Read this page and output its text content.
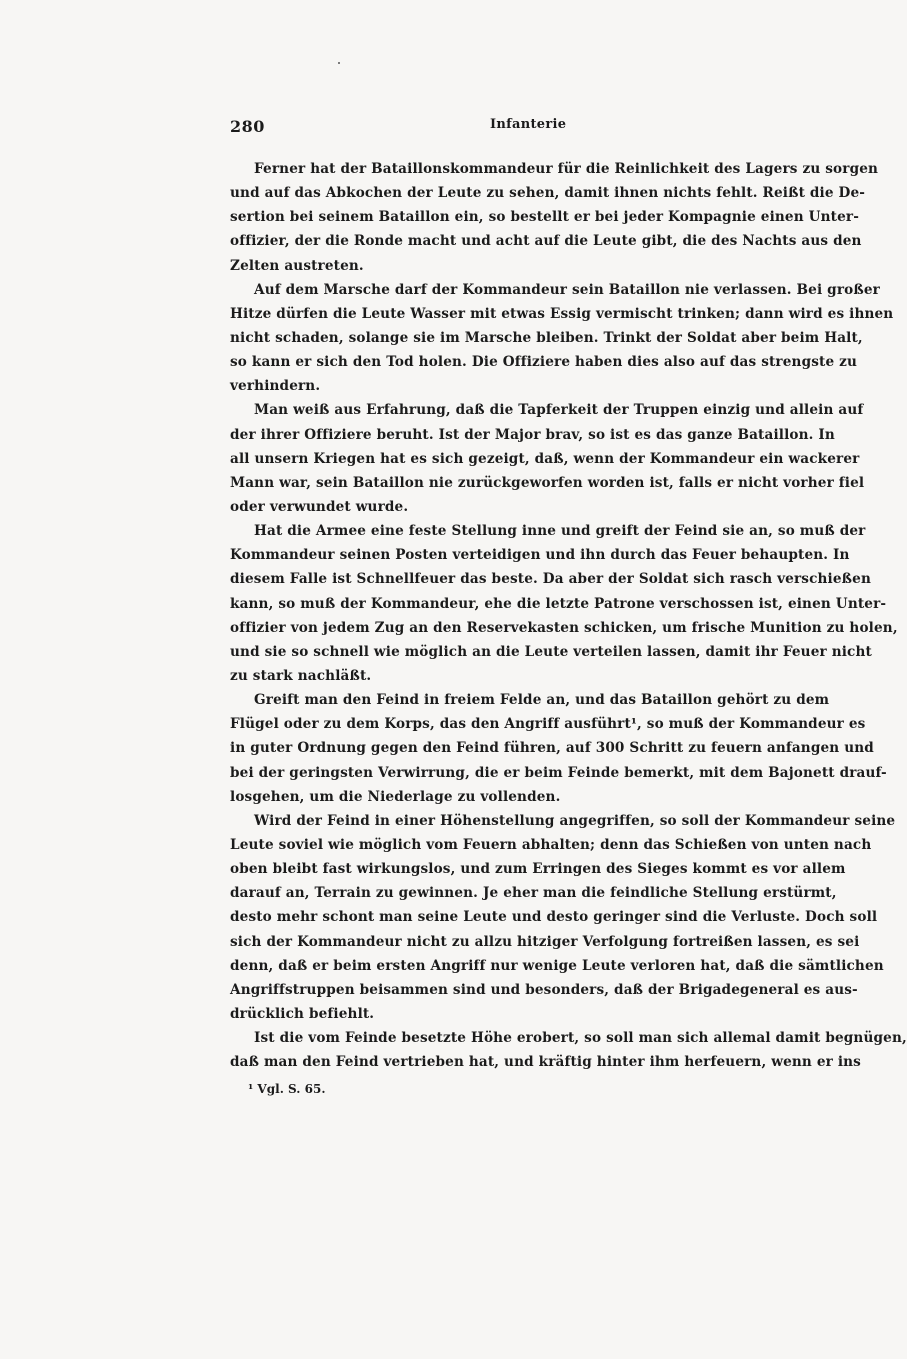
280	Infanterie
Ferner hat der Bataillonskommandeur für die Reinlichkeit des Lagers zu sorgen
und auf das Abkochen der Leute zu sehen, damit ihnen nichts fehlt. Reißt die De-
sertion bei seinem Bataillon ein, so bestellt er bei jeder Kompagnie einen Unter-
offizier, der die Ronde macht und acht auf die Leute gibt, die des Nachts aus den
Zelten austreten.
Auf dem Marsche darf der Kommandeur sein Bataillon nie verlassen. Bei großer
Hitze dürfen die Leute Wasser mit etwas Essig vermischt trinken; dann wird es ihnen
nicht schaden, solange sie im Marsche bleiben. Trinkt der Soldat aber beim Halt,
so kann er sich den Tod holen. Die Offiziere haben dies also auf das strengste zu
verhindern.
Man weiß aus Erfahrung, daß die Tapferkeit der Truppen einzig und allein auf
der ihrer Offiziere beruht. Ist der Major brav, so ist es das ganze Bataillon. In
all unsern Kriegen hat es sich gezeigt, daß, wenn der Kommandeur ein wackerer
Mann war, sein Bataillon nie zurückgeworfen worden ist, falls er nicht vorher fiel
oder verwundet wurde.
Hat die Armee eine feste Stellung inne und greift der Feind sie an, so muß der
Kommandeur seinen Posten verteidigen und ihn durch das Feuer behaupten. In
diesem Falle ist Schnellfeuer das beste. Da aber der Soldat sich rasch verschießen
kann, so muß der Kommandeur, ehe die letzte Patrone verschossen ist, einen Unter-
offizier von jedem Zug an den Reservekasten schicken, um frische Munition zu holen,
und sie so schnell wie möglich an die Leute verteilen lassen, damit ihr Feuer nicht
zu stark nachläßt.
Greift man den Feind in freiem Felde an, und das Bataillon gehört zu dem
Flügel oder zu dem Korps, das den Angriff ausführt¹, so muß der Kommandeur es
in guter Ordnung gegen den Feind führen, auf 300 Schritt zu feuern anfangen und
bei der geringsten Verwirrung, die er beim Feinde bemerkt, mit dem Bajonett drauf-
losgehen, um die Niederlage zu vollenden.
Wird der Feind in einer Höhenstellung angegriffen, so soll der Kommandeur seine
Leute soviel wie möglich vom Feuern abhalten; denn das Schießen von unten nach
oben bleibt fast wirkungslos, und zum Erringen des Sieges kommt es vor allem
darauf an, Terrain zu gewinnen. Je eher man die feindliche Stellung erstürmt,
desto mehr schont man seine Leute und desto geringer sind die Verluste. Doch soll
sich der Kommandeur nicht zu allzu hitziger Verfolgung fortreißen lassen, es sei
denn, daß er beim ersten Angriff nur wenige Leute verloren hat, daß die sämtlichen
Angriffstruppen beisammen sind und besonders, daß der Brigadegeneral es aus-
drücklich befiehlt.
Ist die vom Feinde besetzte Höhe erobert, so soll man sich allemal damit begnügen,
daß man den Feind vertrieben hat, und kräftig hinter ihm herfeuern, wenn er ins
¹ Vgl. S. 65.
